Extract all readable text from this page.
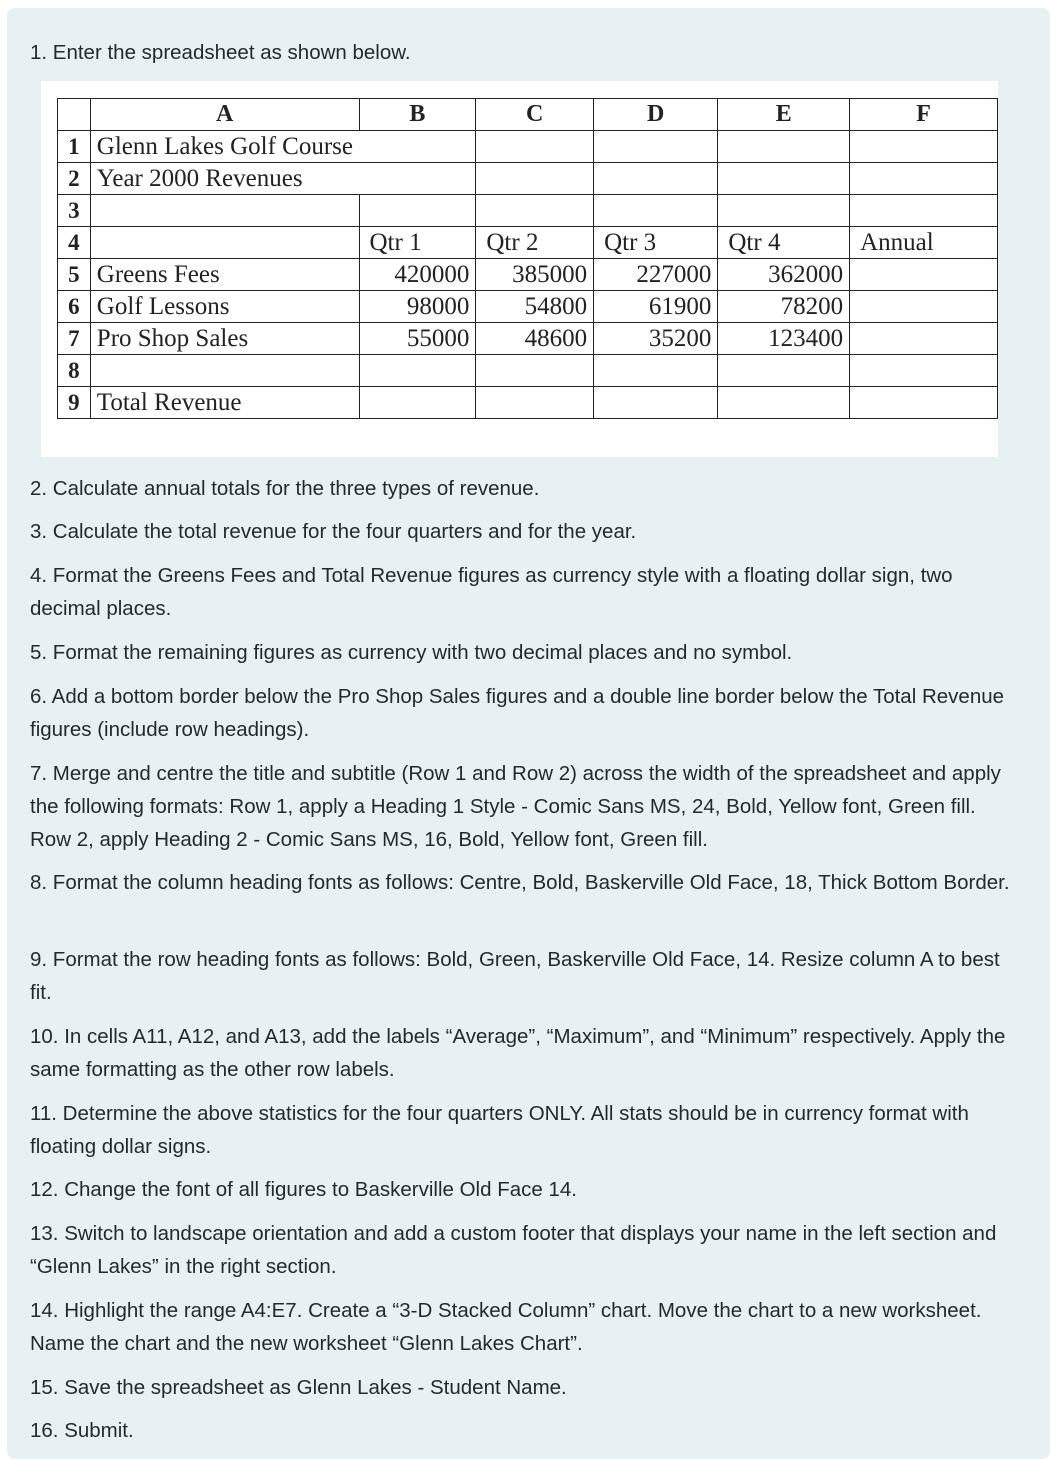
1. Enter the spreadsheet as shown below.
	A	B	C	D	E	F
1	Glenn Lakes Golf Course					
2	Year 2000 Revenues					
3						
4		Qtr 1	Qtr 2	Qtr 3	Qtr 4	Annual
5	Greens Fees	420000	385000	227000	362000	
6	Golf Lessons	98000	54800	61900	78200	
7	Pro Shop Sales	55000	48600	35200	123400	
8						
9	Total Revenue					
2. Calculate annual totals for the three types of revenue.
3. Calculate the total revenue for the four quarters and for the year.
4. Format the Greens Fees and Total Revenue figures as currency style with a floating dollar sign, two decimal places.
5. Format the remaining figures as currency with two decimal places and no symbol.
6. Add a bottom border below the Pro Shop Sales figures and a double line border below the Total Revenue figures (include row headings).
7. Merge and centre the title and subtitle (Row 1 and Row 2) across the width of the spreadsheet and apply the following formats: Row 1, apply a Heading 1 Style - Comic Sans MS, 24, Bold, Yellow font, Green fill. Row 2, apply Heading 2 - Comic Sans MS, 16, Bold, Yellow font, Green fill.
8. Format the column heading fonts as follows: Centre, Bold, Baskerville Old Face, 18, Thick Bottom Border.
9. Format the row heading fonts as follows: Bold, Green, Baskerville Old Face, 14. Resize column A to best fit.
10. In cells A11, A12, and A13, add the labels “Average”, “Maximum”, and “Minimum” respectively. Apply the same formatting as the other row labels.
11. Determine the above statistics for the four quarters ONLY. All stats should be in currency format with floating dollar signs.
12. Change the font of all figures to Baskerville Old Face 14.
13. Switch to landscape orientation and add a custom footer that displays your name in the left section and “Glenn Lakes” in the right section.
14. Highlight the range A4:E7. Create a “3-D Stacked Column” chart. Move the chart to a new worksheet. Name the chart and the new worksheet “Glenn Lakes Chart”.
15. Save the spreadsheet as Glenn Lakes - Student Name.
16. Submit.
